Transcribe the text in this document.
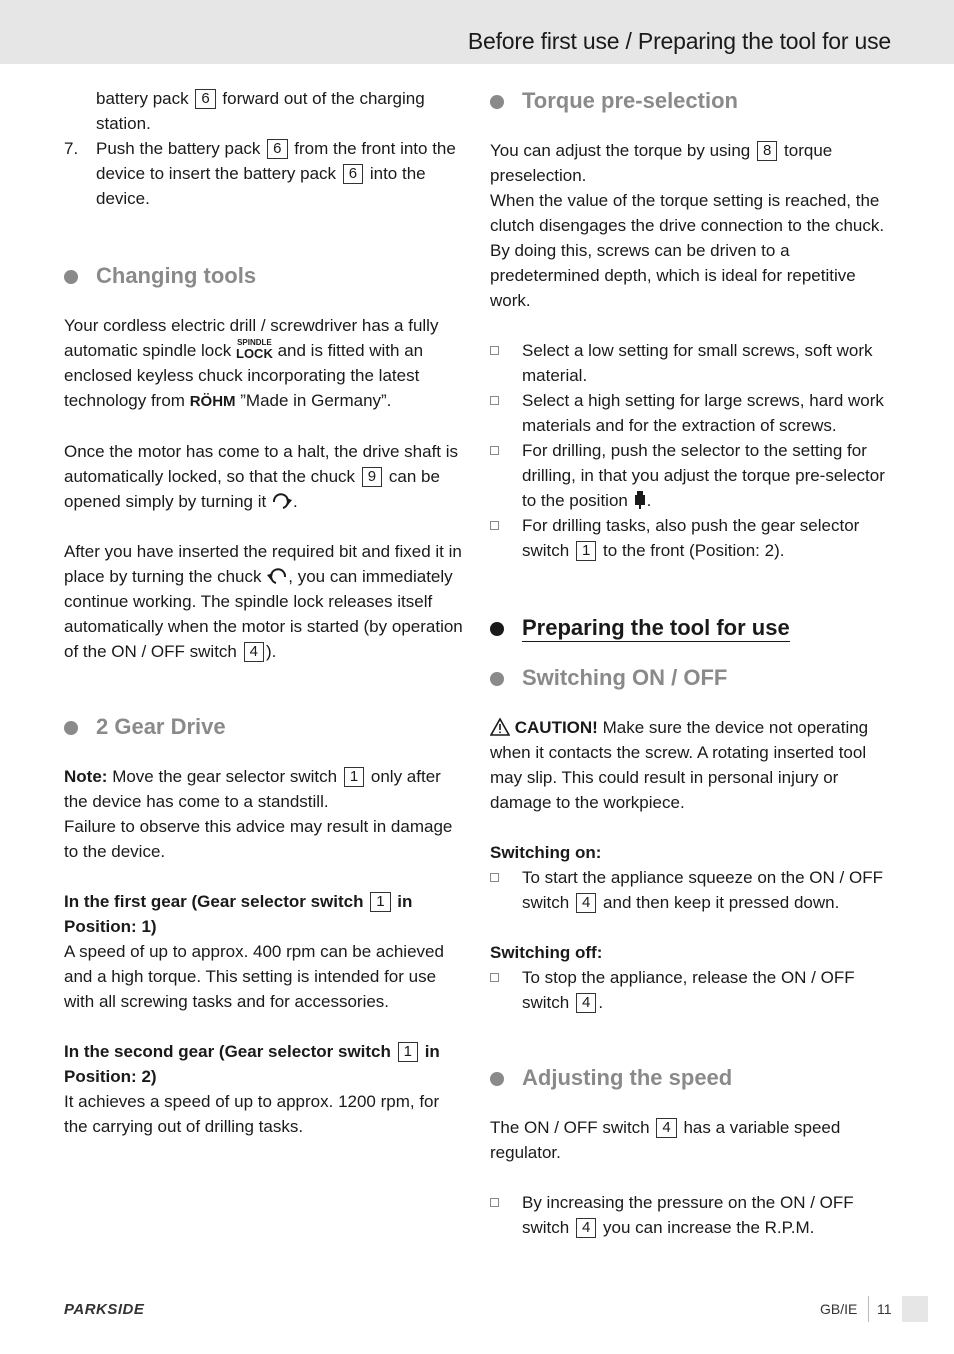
Before first use / Preparing the tool for use

battery pack 6 forward out of the charging station.

7. Push the battery pack 6 from the front into the device to insert the battery pack 6 into the device.

Changing tools

Your cordless electric drill / screwdriver has a fully automatic spindle lock SPINDLE
LOCK and is fitted with an enclosed keyless chuck incorporating the latest technology from RÖHM ”Made in Germany”.

Once the motor has come to a halt, the drive shaft is automatically locked, so that the chuck 9 can be opened simply by turning it .

After you have inserted the required bit and fixed it in place by turning the chuck , you can immediately continue working. The spindle lock releases itself automatically when the motor is started (by operation of the ON / OFF switch 4 ).

2 Gear Drive

Note: Move the gear selector switch 1 only after the device has come to a standstill.

Failure to observe this advice may result in damage to the device.

In the first gear (Gear selector switch 1 in Position: 1)

A speed of up to approx. 400 rpm can be achieved and a high torque. This setting is intended for use with all screwing tasks and for accessories.

In the second gear (Gear selector switch 1 in Position: 2)

It achieves a speed of up to approx. 1200 rpm, for the carrying out of drilling tasks.

Torque pre-selection

You can adjust the torque by using 8 torque preselection.

When the value of the torque setting is reached, the clutch disengages the drive connection to the chuck. By doing this, screws can be driven to a predetermined depth, which is ideal for repetitive work.

Select a low setting for small screws, soft work material.
Select a high setting for large screws, hard work materials and for the extraction of screws.
For drilling, push the selector to the setting for drilling, in that you adjust the torque pre-selector to the position .
For drilling tasks, also push the gear selector switch 1 to the front (Position: 2).
Preparing the tool for use
Switching ON / OFF

CAUTION! Make sure the device not operating when it contacts the screw. A rotating inserted tool may slip. This could result in personal injury or damage to the workpiece.

Switching on:

To start the appliance squeeze on the ON / OFF switch 4 and then keep it pressed down.

Switching off:

To stop the appliance, release the ON / OFF switch 4 .
Adjusting the speed

The ON / OFF switch 4 has a variable speed regulator.

By increasing the pressure on the ON / OFF switch 4 you can increase the R.P.M.
PARKSIDE	GB/IE 11
